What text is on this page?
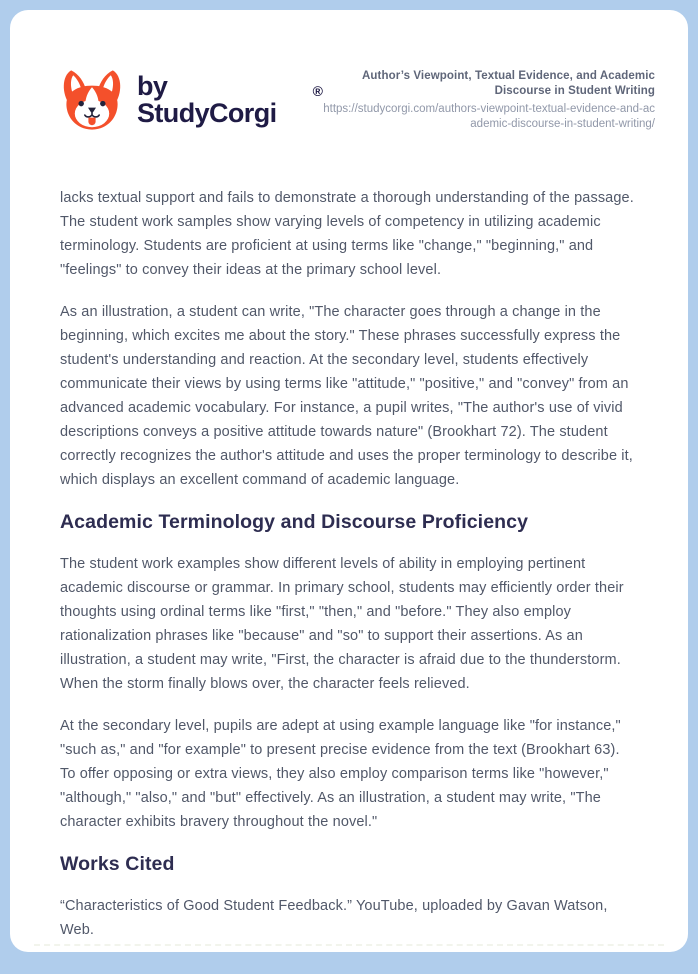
by StudyCorgi
®
Author’s Viewpoint, Textual Evidence, and Academic Discourse in Student Writing
https://studycorgi.com/authors-viewpoint-textual-evidence-and-academic-discourse-in-student-writing/

lacks textual support and fails to demonstrate a thorough understanding of the passage. The student work samples show varying levels of competency in utilizing academic terminology. Students are proficient at using terms like "change," "beginning," and "feelings" to convey their ideas at the primary school level.

As an illustration, a student can write, "The character goes through a change in the beginning, which excites me about the story." These phrases successfully express the student's understanding and reaction. At the secondary level, students effectively communicate their views by using terms like "attitude," "positive," and "convey" from an advanced academic vocabulary. For instance, a pupil writes, "The author's use of vivid descriptions conveys a positive attitude towards nature" (Brookhart 72). The student correctly recognizes the author's attitude and uses the proper terminology to describe it, which displays an excellent command of academic language.

Academic Terminology and Discourse Proficiency

The student work examples show different levels of ability in employing pertinent academic discourse or grammar. In primary school, students may efficiently order their thoughts using ordinal terms like "first," "then," and "before." They also employ rationalization phrases like "because" and "so" to support their assertions. As an illustration, a student may write, "First, the character is afraid due to the thunderstorm. When the storm finally blows over, the character feels relieved.

At the secondary level, pupils are adept at using example language like "for instance," "such as," and "for example" to present precise evidence from the text (Brookhart 63). To offer opposing or extra views, they also employ comparison terms like "however," "although," "also," and "but" effectively. As an illustration, a student may write, "The character exhibits bravery throughout the novel."

Works Cited

“Characteristics of Good Student Feedback.” YouTube, uploaded by Gavan Watson, Web.
